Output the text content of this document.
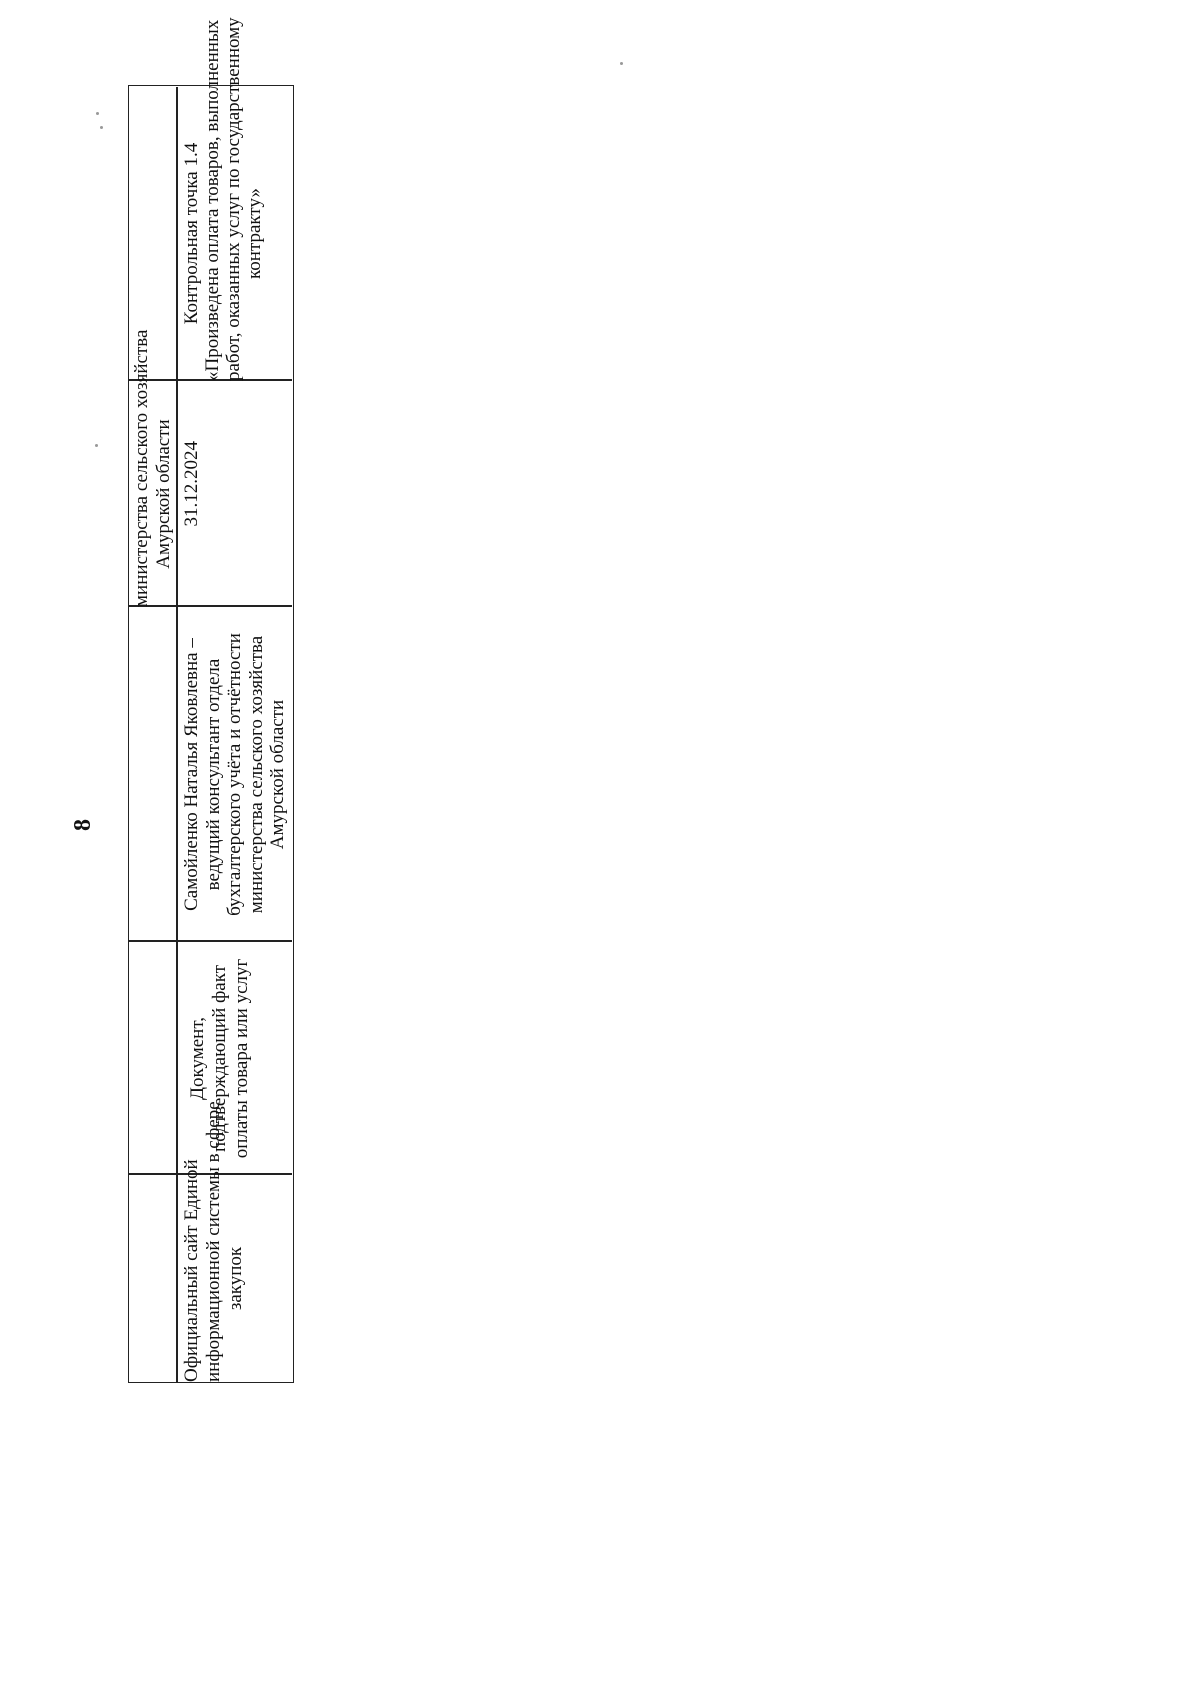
8
министерства сельского хозяйства Амурской области
Контрольная точка 1.4 «Произведена оплата товаров, выполненных работ, оказанных услуг по государственному контракту»
31.12.2024
Самойленко Наталья Яковлевна – ведущий консультант отдела бухгалтерского учёта и отчётности министерства сельского хозяйства Амурской области
Документ, подтверждающий факт оплаты товара или услуг
Официальный сайт Единой информационной системы в сфере закупок
